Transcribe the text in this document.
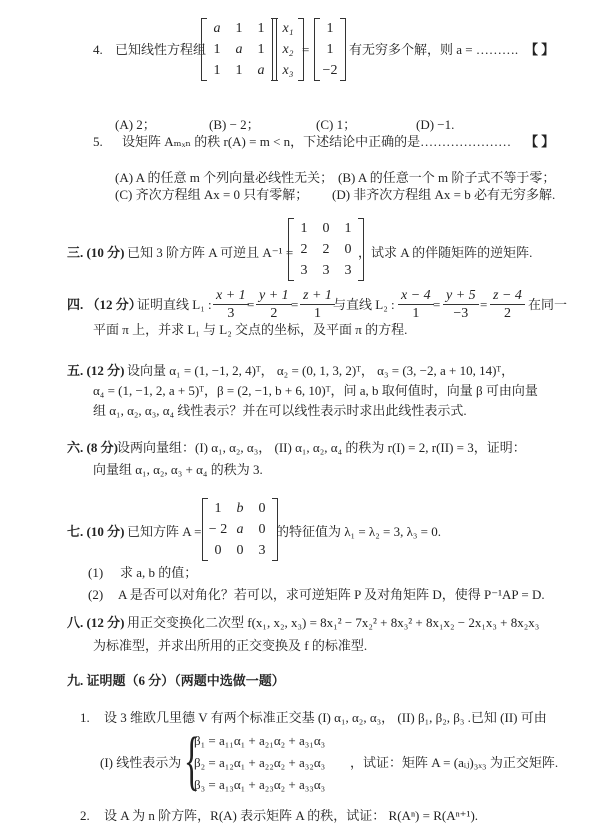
4. 已知线性方程组
a	1	1
1	a	1
1	1	a
x₁
x₂
x₃
=
1
1
−2
有无穷多个解，则 a = ………. 【 】
(A) 2；	(B) − 2；	(C) 1；	(D) −1.
5. 设矩阵 Aₘₓₙ 的秩 r(A) = m < n，下述结论中正确的是………………… 【 】
(A) A 的任意 m 个列向量必线性无关； (B) A 的任意一个 m 阶子式不等于零；
(C) 齐次方程组 Ax = 0 只有零解； (D) 非齐次方程组 Ax = b 必有无穷多解.
三. (10 分) 已知 3 阶方阵 A 可逆且 A⁻¹ =
1	0	1
2	2	0
3	3	3
，试求 A 的伴随矩阵的逆矩阵.
四. （12 分）
证明直线 L₁ : $\frac{x + 1}{3}$
= $\frac{y + 1}{2} = \frac{z + 1}{1}$
与直线 L₂ : $\frac{x - 4}{1} = \frac{y + 5}{-3} = \frac{z - 4}{2}$ 在同一
平面 π 上，并求 L₁ 与 L₂ 交点的坐标，及平面 π 的方程.
五. (12 分) 设向量 α₁ = (1, −1, 2, 4)ᵀ， α₂ = (0, 1, 3, 2)ᵀ， α₃ = (3, −2, a + 10, 14)ᵀ，
α₄ = (1, −1, 2, a + 5)ᵀ，β = (2, −1, b + 6, 10)ᵀ，问 a, b 取何值时，向量 β 可由向量
组 α₁, α₂, α₃, α₄ 线性表示？并在可以线性表示时求出此线性表示式.
六. (8 分) 设两向量组：(I) α₁, α₂, α₃， (II) α₁, α₂, α₄ 的秩为 r(I) = 2, r(II) = 3，证明：
向量组 α₁, α₂, α₃ + α₄ 的秩为 3.
七. (10 分) 已知方阵 A =
1	b	0
− 2 a	0
0	0	3
的特征值为 λ₁ = λ₂ = 3, λ₃ = 0.
(1) 求 a, b 的值；
(2) A 是否可以对角化？若可以，求可逆矩阵 P 及对角矩阵 D，使得 P⁻¹AP = D.
八. (12 分) 用正交变换化二次型 f(x₁, x₂, x₃) = 8x₁² − 7x₂² + 8x₃² + 8x₁x₂ − 2x₁x₃ + 8x₂x₃
为标准型，并求出所用的正交变换及 f 的标准型.
九. 证明题（6 分）（两题中选做一题）
1. 设 3 维欧几里德 V 有两个标准正交基 (I) α₁, α₂, α₃， (II) β₁, β₂, β₃ .已知 (II) 可由
(I) 线性表示为 {
β₁ = a₁₁α₁ + a₂₁α₂ + a₃₁α₃
β₂ = a₁₂α₁ + a₂₂α₂ + a₃₂α₃
β₃ = a₁₃α₁ + a₂₃α₂ + a₃₃α₃
，试证：矩阵 A = (aᵢⱼ)₃ₓ₃ 为正交矩阵.
2. 设 A 为 n 阶方阵，R(A) 表示矩阵 A 的秩，试证： R(Aⁿ) = R(Aⁿ⁺¹).
